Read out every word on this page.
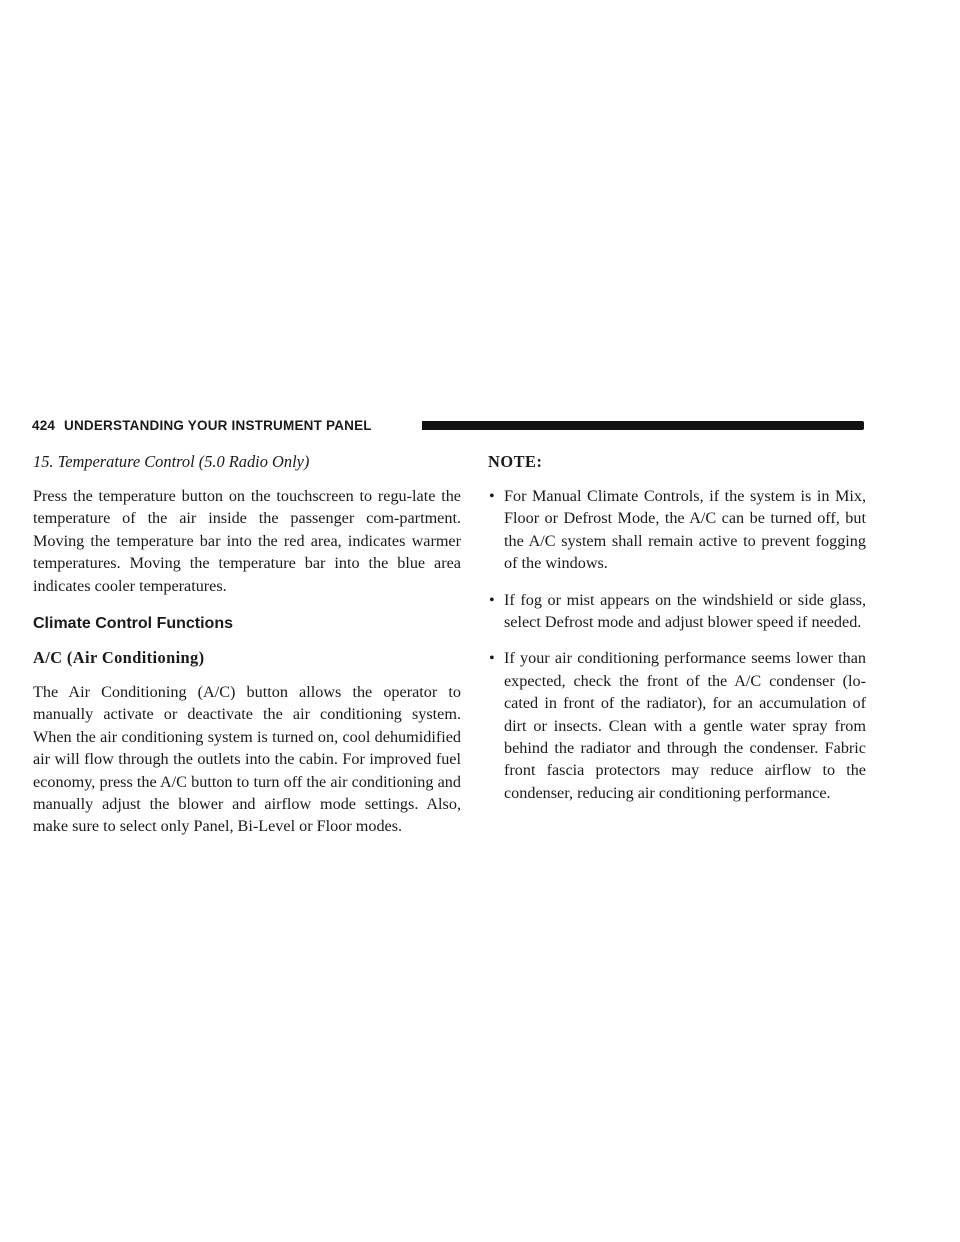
424 UNDERSTANDING YOUR INSTRUMENT PANEL
15. Temperature Control (5.0 Radio Only)

Press the temperature button on the touchscreen to regu-late the temperature of the air inside the passenger com-partment. Moving the temperature bar into the red area, indicates warmer temperatures. Moving the temperature bar into the blue area indicates cooler temperatures.

Climate Control Functions
A/C (Air Conditioning)

The Air Conditioning (A/C) button allows the operator to manually activate or deactivate the air conditioning system. When the air conditioning system is turned on, cool dehumidified air will flow through the outlets into the cabin. For improved fuel economy, press the A/C button to turn off the air conditioning and manually adjust the blower and airflow mode settings. Also, make sure to select only Panel, Bi-Level or Floor modes.

NOTE:
• For Manual Climate Controls, if the system is in Mix, Floor or Defrost Mode, the A/C can be turned off, but the A/C system shall remain active to prevent fogging of the windows.
• If fog or mist appears on the windshield or side glass, select Defrost mode and adjust blower speed if needed.
• If your air conditioning performance seems lower than expected, check the front of the A/C condenser (lo-cated in front of the radiator), for an accumulation of dirt or insects. Clean with a gentle water spray from behind the radiator and through the condenser. Fabric front fascia protectors may reduce airflow to the condenser, reducing air conditioning performance.
